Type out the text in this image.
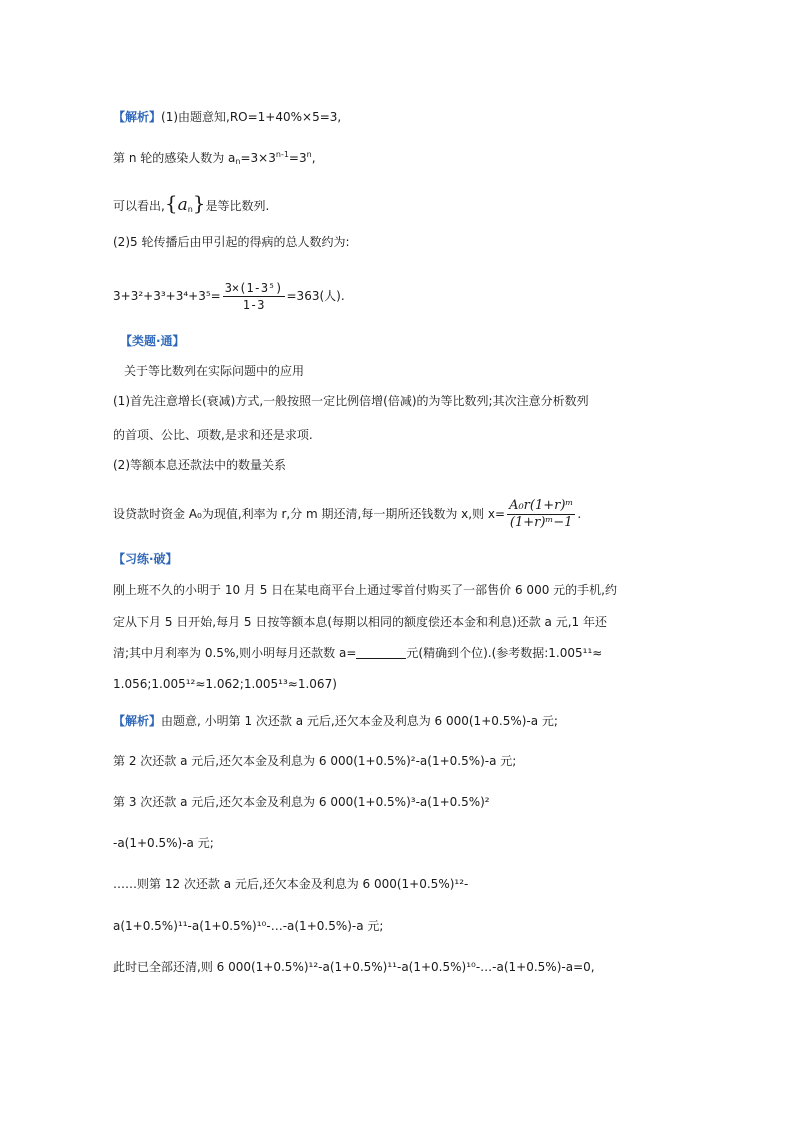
【解析】(1)由题意知,RO=1+40%×5=3,
第 n 轮的感染人数为 $a_n=3\times 3^{n-1}=3^n$,
可以看出$,\{a_n\}$是等比数列.
(2)5 轮传播后由甲引起的得病的总人数约为:
$3+3^2+3^3+3^4+3^5= \frac{\text{3×(1-3⁵)}}{1-3} =363$(人).
【类题·通】
关于等比数列在实际问题中的应用
(1)首先注意增长(衰减)方式,一般按照一定比例倍增(倍减)的为等比数列;其次注意分析数列
的首项、公比、项数,是求和还是求项.
(2)等额本息还款法中的数量关系
设贷款时资金 A₀为现值,利率为 r,分 m 期还清,每一期所还钱数为 x,则 $x= \frac{\text{A₀r(1+r)ᵐ}}{\text{(1+r)ᵐ−1}}$ .
【习练·破】
刚上班不久的小明于 10 月 5 日在某电商平台上通过零首付购买了一部售价 6 000 元的手机,约
定从下月 5 日开始,每月 5 日按等额本息(每期以相同的额度偿还本金和利息)还款 a 元,1 年还
清;其中月利率为 0.5%,则小明每月还款数 a=	元(精确到个位).(参考数据:1.005¹¹≈
1.056;1.005¹²≈1.062;1.005¹³≈1.067)
【解析】由题意, 小明第 1 次还款 a 元后,还欠本金及利息为 6 000(1+0.5%)-a 元;
第 2 次还款 a 元后,还欠本金及利息为 6 000(1+0.5%)²-a(1+0.5%)-a 元;
第 3 次还款 a 元后,还欠本金及利息为 6 000(1+0.5%)³-a(1+0.5%)²
-a(1+0.5%)-a 元;
……则第 12 次还款 a 元后,还欠本金及利息为 6 000(1+0.5%)¹²-
a(1+0.5%)¹¹-a(1+0.5%)¹⁰-…-a(1+0.5%)-a 元;
此时已全部还清,则 6 000(1+0.5%)¹²-a(1+0.5%)¹¹-a(1+0.5%)¹⁰-…-a(1+0.5%)-a=0,
